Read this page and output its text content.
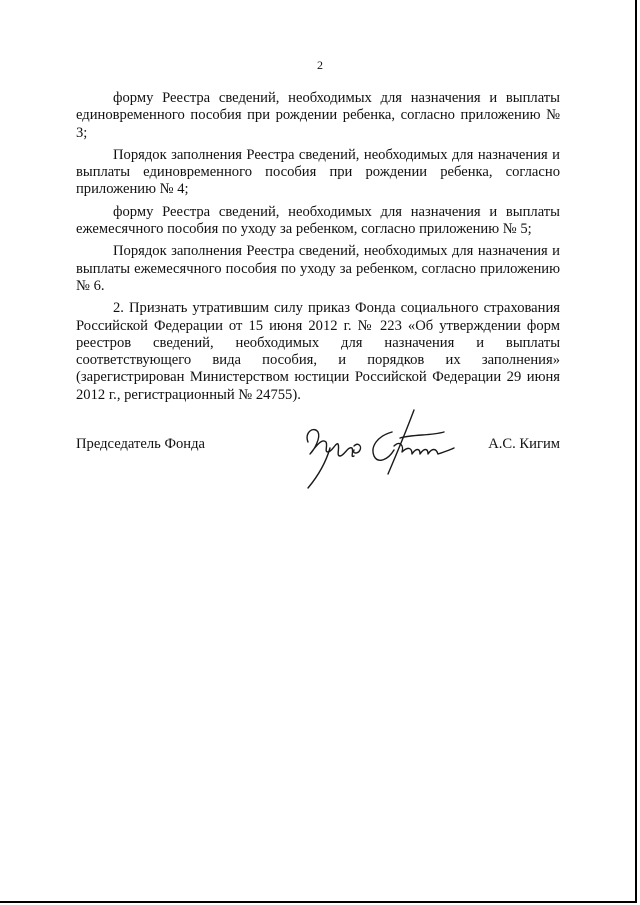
2

форму Реестра сведений, необходимых для назначения и выплаты единовременного пособия при рождении ребенка, согласно приложению № 3;

Порядок заполнения Реестра сведений, необходимых для назначения и выплаты единовременного пособия при рождении ребенка, согласно приложению № 4;

форму Реестра сведений, необходимых для назначения и выплаты ежемесячного пособия по уходу за ребенком, согласно приложению № 5;

Порядок заполнения Реестра сведений, необходимых для назначения и выплаты ежемесячного пособия по уходу за ребенком, согласно приложению № 6.

2. Признать утратившим силу приказ Фонда социального страхования Российской Федерации от 15 июня 2012 г. № 223 «Об утверждении форм реестров сведений, необходимых для назначения и выплаты соответствующего вида пособия, и порядков их заполнения» (зарегистрирован Министерством юстиции Российской Федерации 29 июня 2012 г., регистрационный № 24755).

Председатель Фонда	А.С. Кигим
